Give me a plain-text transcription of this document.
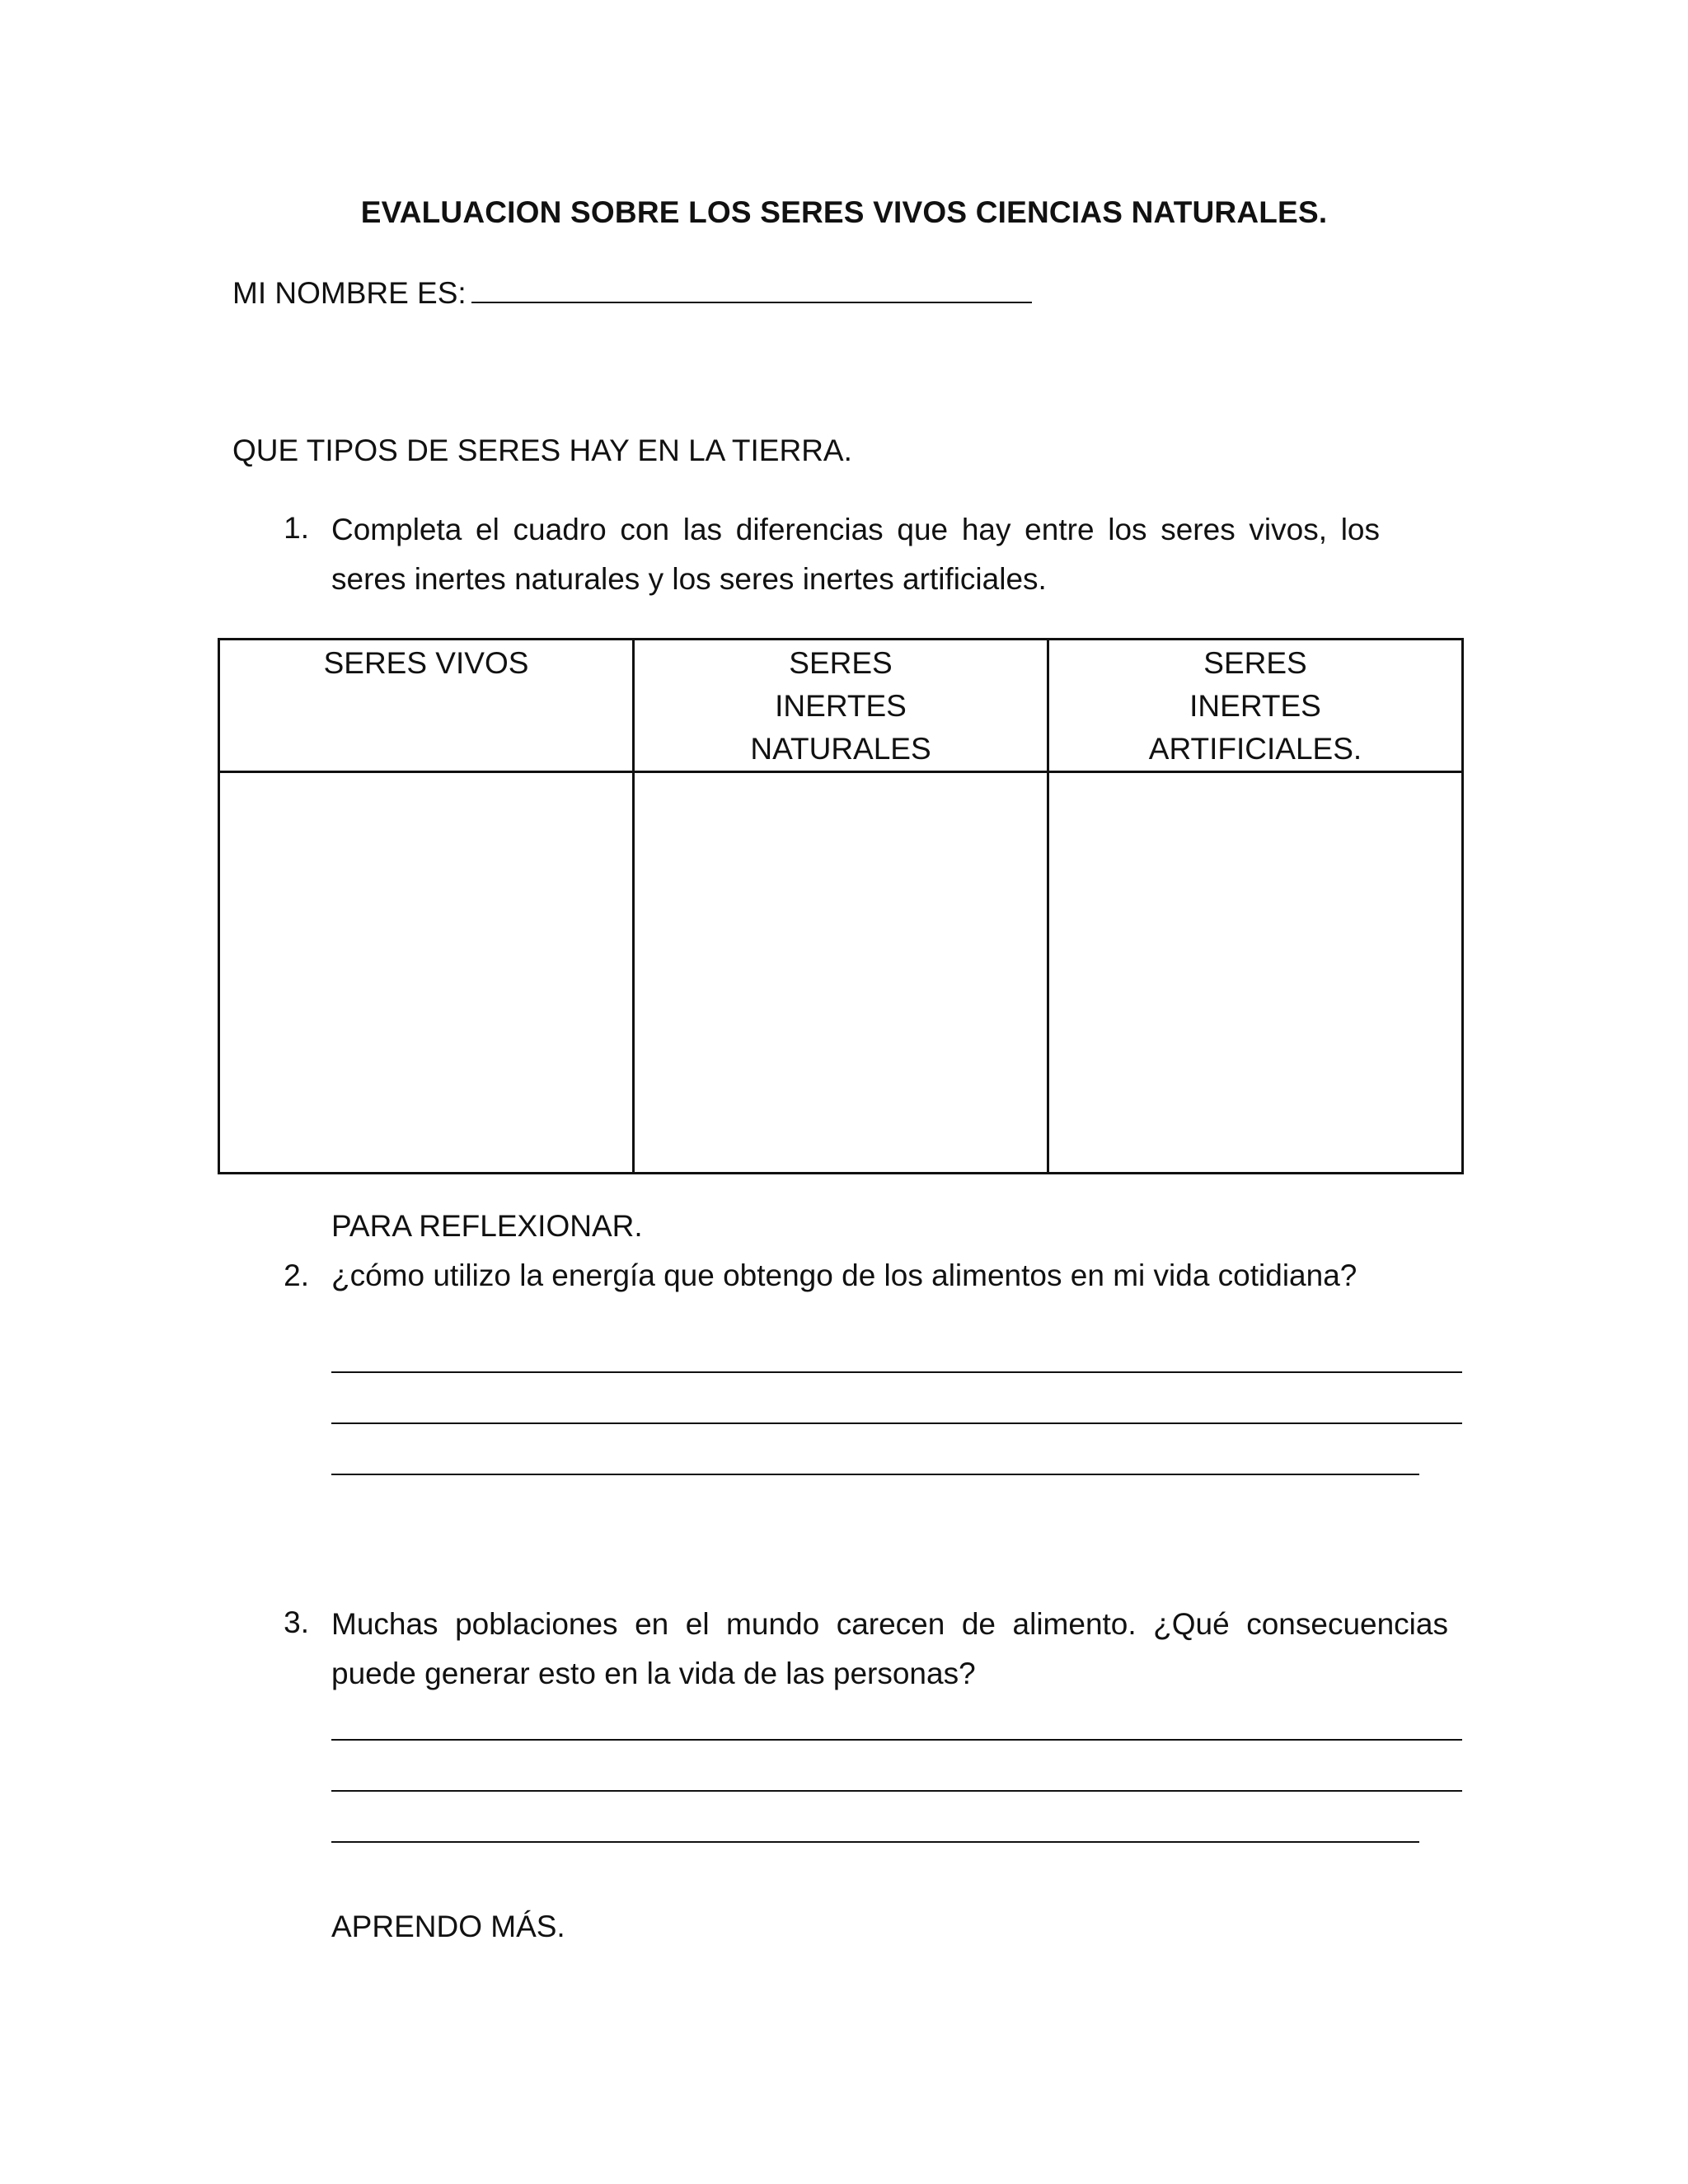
EVALUACION SOBRE LOS SERES VIVOS CIENCIAS NATURALES.
MI NOMBRE ES:
QUE TIPOS DE SERES HAY EN LA TIERRA.
1. Completa el cuadro con las diferencias que hay entre los seres vivos, los seres inertes naturales y los seres inertes artificiales.
SERES VIVOS	SERES INERTES NATURALES	SERES INERTES ARTIFICIALES.

PARA REFLEXIONAR.
2. ¿cómo utilizo la energía que obtengo de los alimentos en mi vida cotidiana?
3. Muchas poblaciones en el mundo carecen de alimento. ¿Qué consecuencias puede generar esto en la vida de las personas?
APRENDO MÁS.
